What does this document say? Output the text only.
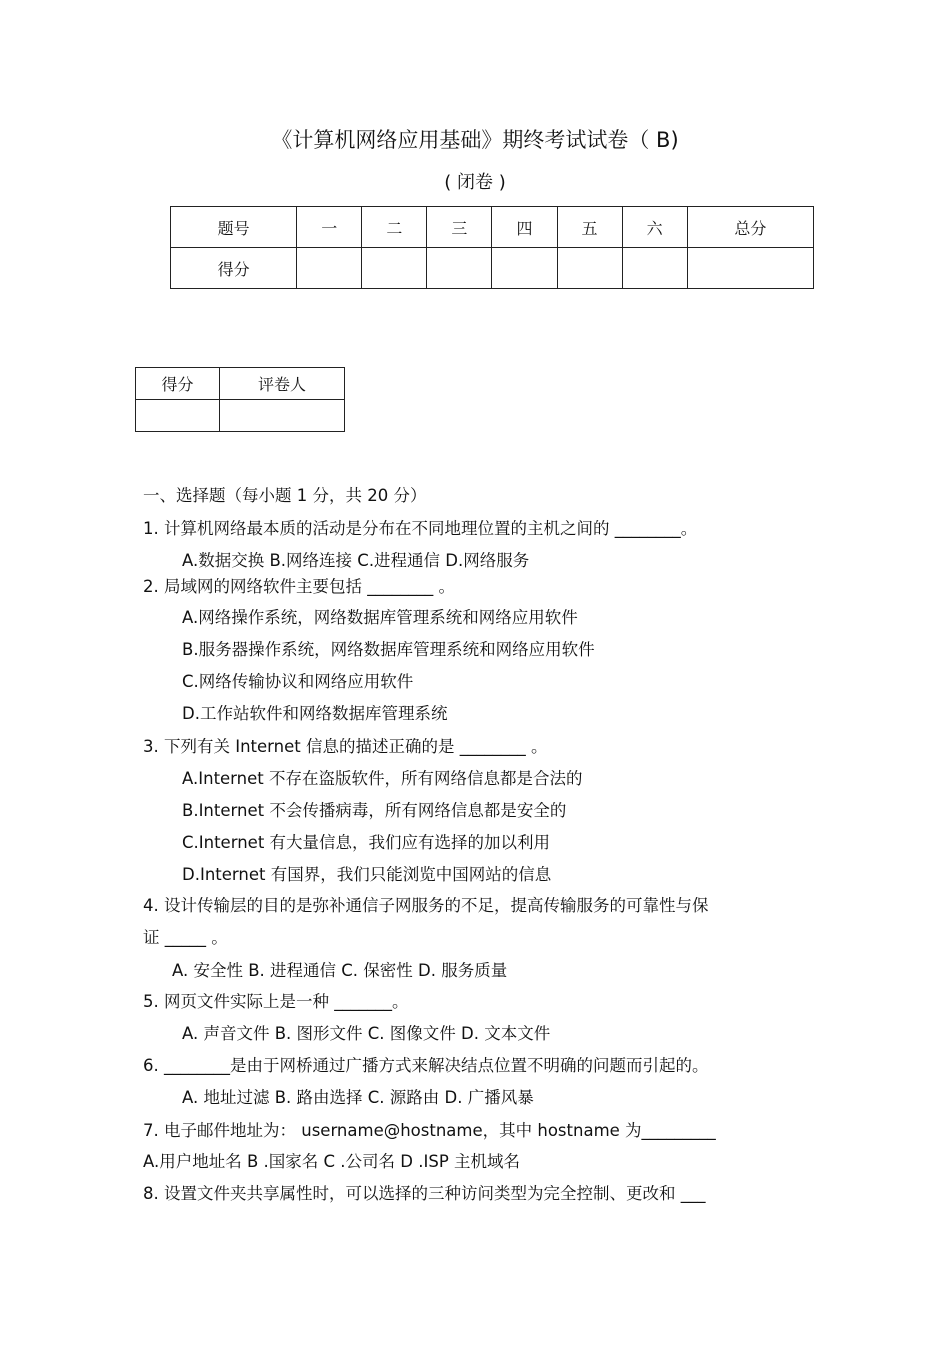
《计算机网络应用基础》期终考试试卷（ B)
( 闭卷 )
题号	一	二	三	四	五	六	总分
得分							
得分	评卷人

一、选择题（每小题 1 分，共 20 分）
1. 计算机网络最本质的活动是分布在不同地理位置的主机之间的 ________。
A.数据交换 B.网络连接 C.进程通信 D.网络服务
2. 局域网的网络软件主要包括 ________ 。
A.网络操作系统，网络数据库管理系统和网络应用软件
B.服务器操作系统，网络数据库管理系统和网络应用软件
C.网络传输协议和网络应用软件
D.工作站软件和网络数据库管理系统
3. 下列有关 Internet 信息的描述正确的是 ________ 。
A.Internet 不存在盗版软件，所有网络信息都是合法的
B.Internet 不会传播病毒，所有网络信息都是安全的
C.Internet 有大量信息，我们应有选择的加以利用
D.Internet 有国界，我们只能浏览中国网站的信息
4. 设计传输层的目的是弥补通信子网服务的不足，提高传输服务的可靠性与保
证 _____ 。
A. 安全性 B. 进程通信 C. 保密性 D. 服务质量
5. 网页文件实际上是一种 _______。
A. 声音文件 B. 图形文件 C. 图像文件 D. 文本文件
6. ________是由于网桥通过广播方式来解决结点位置不明确的问题而引起的。
A. 地址过滤 B. 路由选择 C. 源路由 D. 广播风暴
7. 电子邮件地址为： username@hostname，其中 hostname 为_________
A.用户地址名 B .国家名 C .公司名 D .ISP 主机域名
8. 设置文件夹共享属性时，可以选择的三种访问类型为完全控制、更改和 ___
